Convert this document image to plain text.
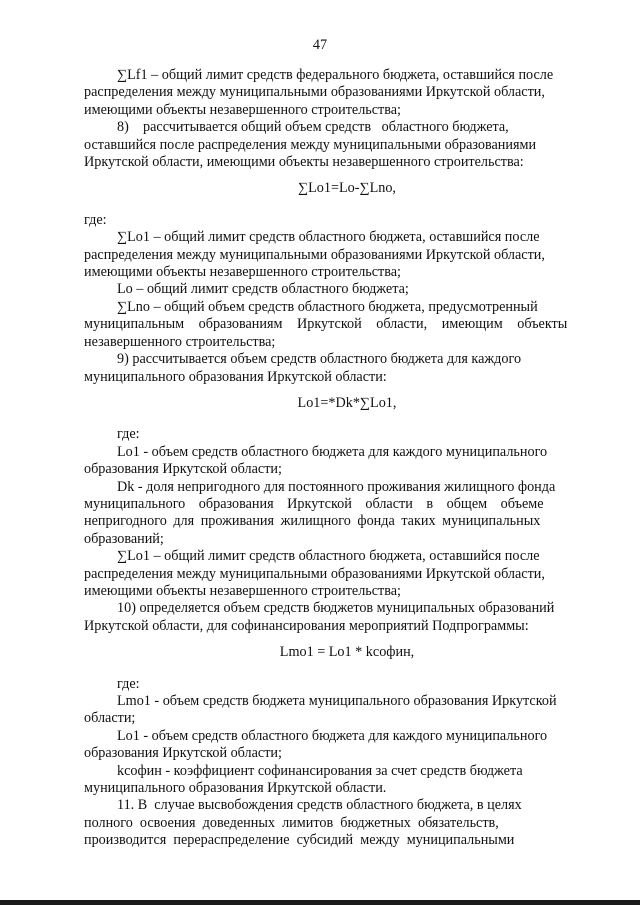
47
∑Lf1 – общий лимит средств федерального бюджета, оставшийся после
распределения между муниципальными образованиями Иркутской области,
имеющими объекты незавершенного строительства;
8)    рассчитывается общий объем средств   областного бюджета,
оставшийся после распределения между муниципальными образованиями
Иркутской области, имеющими объекты незавершенного строительства:
∑Lo1=Lo-∑Lno,
где:
∑Lo1 – общий лимит средств областного бюджета, оставшийся после
распределения между муниципальными образованиями Иркутской области,
имеющими объекты незавершенного строительства;
Lo – общий лимит средств областного бюджета;
∑Lno – общий объем средств областного бюджета, предусмотренный
муниципальным образованиям Иркутской области, имеющим объекты
незавершенного строительства;
9) рассчитывается объем средств областного бюджета для каждого
муниципального образования Иркутской области:
Lo1=*Dk*∑Lo1,
где:
Lo1 - объем средств областного бюджета для каждого муниципального
образования Иркутской области;
Dk - доля непригодного для постоянного проживания жилищного фонда
муниципального образования Иркутской области в общем объеме
непригодного для проживания жилищного фонда таких муниципальных
образований;
∑Lo1 – общий лимит средств областного бюджета, оставшийся после
распределения между муниципальными образованиями Иркутской области,
имеющими объекты незавершенного строительства;
10) определяется объем средств бюджетов муниципальных образований
Иркутской области, для софинансирования мероприятий Подпрограммы:
Lmo1 = Lo1 * kсофин,
где:
Lmo1 - объем средств бюджета муниципального образования Иркутской
области;
Lo1 - объем средств областного бюджета для каждого муниципального
образования Иркутской области;
kсофин - коэффициент софинансирования за счет средств бюджета
муниципального образования Иркутской области.
11. В  случае высвобождения средств областного бюджета, в целях
полного  освоения  доведенных  лимитов  бюджетных  обязательств,
производится  перераспределение  субсидий  между  муниципальными
